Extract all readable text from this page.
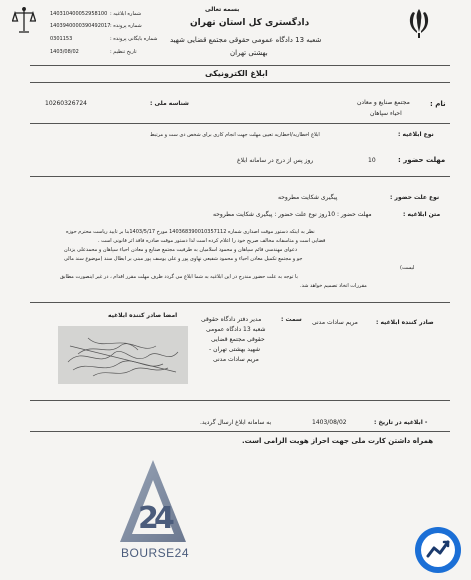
بسمه تعالی
دادگستری کل استان تهران
شعبه 13 دادگاه عمومی حقوقی مجتمع قضایی شهید
بهشتی تهران
140310400052958100 شماره ابلاغیه :
1403940000390492017 شماره پرونده :
0301153	شماره بایگانی پرونده :
1403/08/02	تاریخ تنظیم :
ابلاغ الکترونیکی
نام :
مجتمع صنایع و معادن
احیاء سپاهان
شناسه ملی :
10260326724
نوع ابلاغیه :
ابلاغ اخطاریه/اخطاریه تعیین مهلت جهت انجام کاری برای شخص دی ست و مرتبط
مهلت حضور :
10
روز پس از درج در سامانه ابلاغ
نوع علت حضور :
پیگیری شکایت مطروحه
متن ابلاغیه :
مهلت حضور : 10روز نوع علت حضور : پیگیری شکایت مطروحه
نظر به اینکه دستور موقت اصداری شماره 140368390010357112 مورخ 1403/5/17بنا بر تایید ریاست محترم حوزه
قضایی است و متاسفانه مخالف صریح خود را اعلام کرده است لذا دستور موقت صادره فاقد اثر قانونی است .
دعوای مهندسی قائم سپاهان و محمود اسلامیان به طرفیت مجتمع صنایع و معادن احیاء سپاهان و محمدعلی یزدان
جو و مجتمع تکمیل معادن احیاء و محمود شفیعی نهاوی پور و علی یوسف پور مبنی بر ابطال سند (موضوع سند مالی
لیست)
با توجه به علت حضور مندرج در این ابلاغیه به شما ابلاغ می گردد ظرف مهلت مقرر اقدام ، در غیر اینصورت مطابق
مقررات اتخاذ تصمیم خواهد شد.
صادر کننده ابلاغیه :
مریم سادات مدنی
سمت :
مدیر دفتر دادگاه حقوقی
شعبه 13 دادگاه عمومی
حقوقی مجتمع قضایی
شهید بهشتی تهران -
مریم سادات مدنی
امضا صادر کننده ابلاغیه
- ابلاغیه در تاریخ :
1403/08/02
به سامانه ابلاغ ارسال گردید.
همراه داشتن کارت ملی جهت احراز هویت الزامی است.
2
4
BOURSE24
